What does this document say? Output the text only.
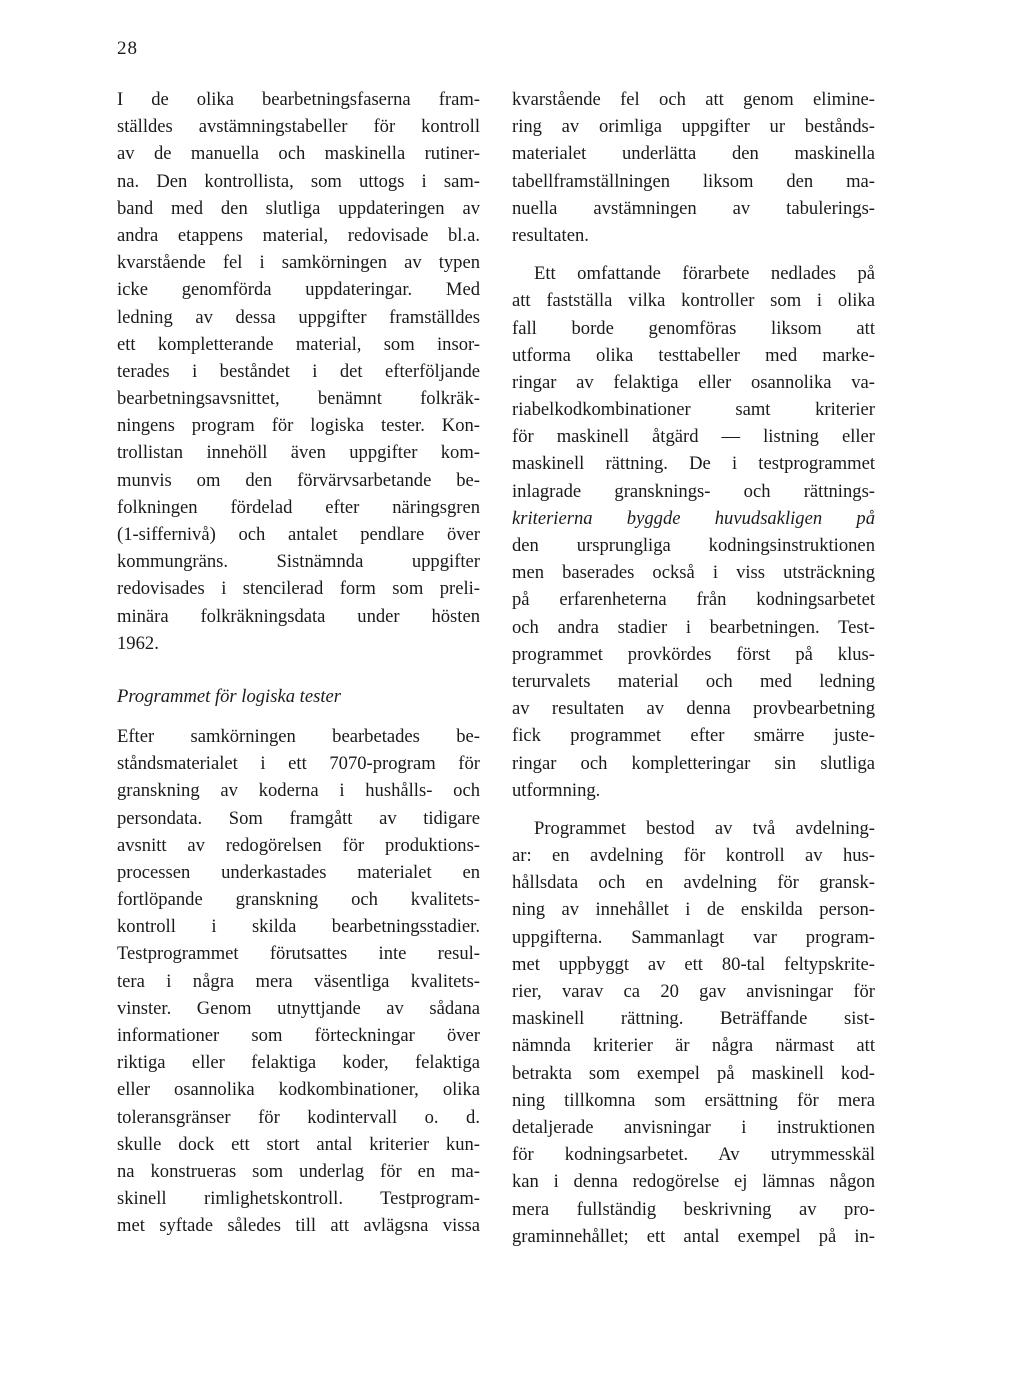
28
I de olika bearbetningsfaserna fram-
ställdes avstämningstabeller för kontroll
av de manuella och maskinella rutiner-
na. Den kontrollista, som uttogs i sam-
band med den slutliga uppdateringen av
andra etappens material, redovisade bl.a.
kvarstående fel i samkörningen av typen
icke genomförda uppdateringar. Med
ledning av dessa uppgifter framställdes
ett kompletterande material, som insor-
terades i beståndet i det efterföljande
bearbetningsavsnittet, benämnt folkräk-
ningens program för logiska tester. Kon-
trollistan innehöll även uppgifter kom-
munvis om den förvärvsarbetande be-
folkningen fördelad efter näringsgren
(1-siffernivå) och antalet pendlare över
kommungräns. Sistnämnda uppgifter
redovisades i stencilerad form som preli-
minära folkräkningsdata under hösten
1962.
Programmet för logiska tester
Efter samkörningen bearbetades be-
ståndsmaterialet i ett 7070-program för
granskning av koderna i hushålls- och
persondata. Som framgått av tidigare
avsnitt av redogörelsen för produktions-
processen underkastades materialet en
fortlöpande granskning och kvalitets-
kontroll i skilda bearbetningsstadier.
Testprogrammet förutsattes inte resul-
tera i några mera väsentliga kvalitets-
vinster. Genom utnyttjande av sådana
informationer som förteckningar över
riktiga eller felaktiga koder, felaktiga
eller osannolika kodkombinationer, olika
toleransgränser för kodintervall o. d.
skulle dock ett stort antal kriterier kun-
na konstrueras som underlag för en ma-
skinell rimlighetskontroll. Testprogram-
met syftade således till att avlägsna vissa
kvarstående fel och att genom elimine-
ring av orimliga uppgifter ur bestånds-
materialet underlätta den maskinella
tabellframställningen liksom den ma-
nuella avstämningen av tabulerings-
resultaten.
Ett omfattande förarbete nedlades på
att fastställa vilka kontroller som i olika
fall borde genomföras liksom att
utforma olika testtabeller med marke-
ringar av felaktiga eller osannolika va-
riabelkodkombinationer samt kriterier
för maskinell åtgärd — listning eller
maskinell rättning. De i testprogrammet
inlagrade gransknings- och rättnings-
kriterierna byggde huvudsakligen på
den ursprungliga kodningsinstruktionen
men baserades också i viss utsträckning
på erfarenheterna från kodningsarbetet
och andra stadier i bearbetningen. Test-
programmet provkördes först på klus-
terurvalets material och med ledning
av resultaten av denna provbearbetning
fick programmet efter smärre juste-
ringar och kompletteringar sin slutliga
utformning.
Programmet bestod av två avdelning-
ar: en avdelning för kontroll av hus-
hållsdata och en avdelning för gransk-
ning av innehållet i de enskilda person-
uppgifterna. Sammanlagt var program-
met uppbyggt av ett 80-tal feltypskrite-
rier, varav ca 20 gav anvisningar för
maskinell rättning. Beträffande sist-
nämnda kriterier är några närmast att
betrakta som exempel på maskinell kod-
ning tillkomna som ersättning för mera
detaljerade anvisningar i instruktionen
för kodningsarbetet. Av utrymmesskäl
kan i denna redogörelse ej lämnas någon
mera fullständig beskrivning av pro-
graminnehållet; ett antal exempel på in-
